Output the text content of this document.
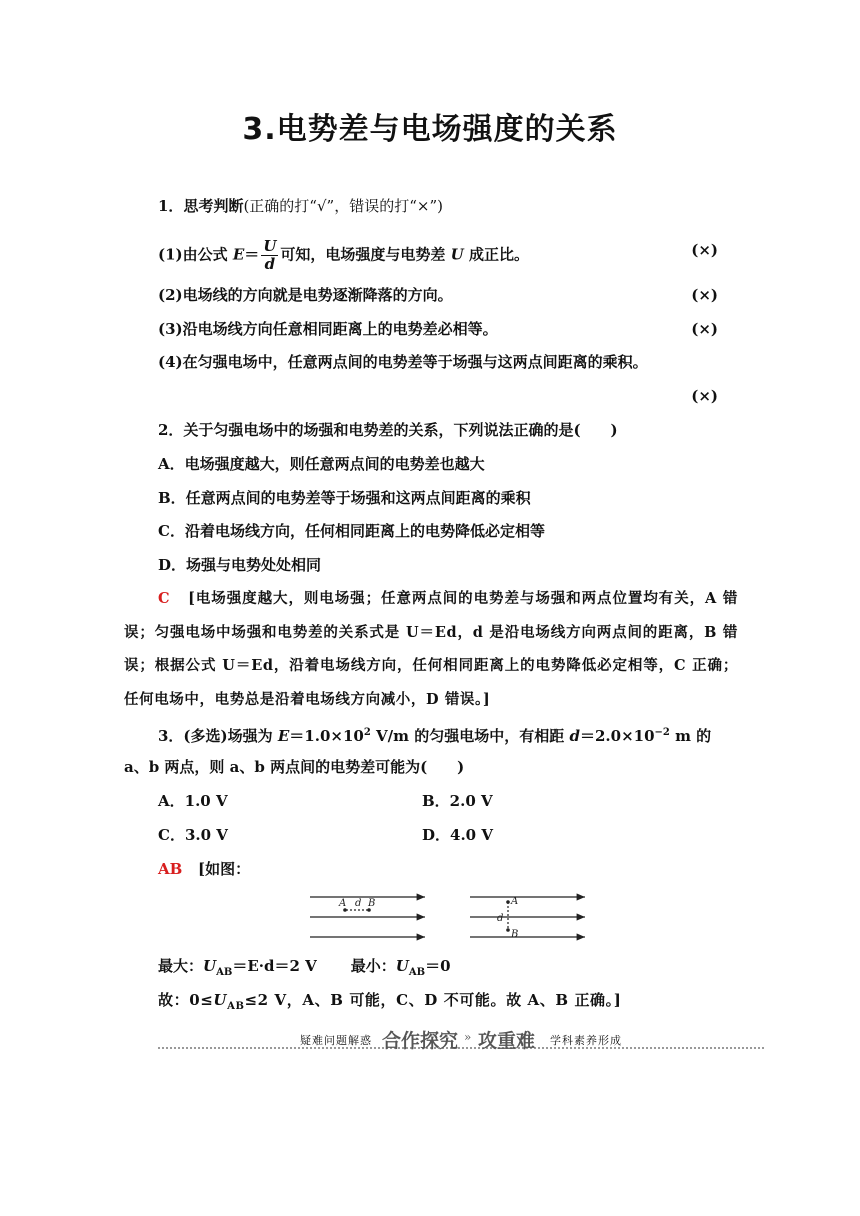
3.电势差与电场强度的关系
1．思考判断(正确的打“√”，错误的打“×”)
(1)由公式 $E= \frac{U}{d}$ 可知，电场强度与电势差 U 成正比。	(×)
(2)电场线的方向就是电势逐渐降落的方向。	(×)
(3)沿电场线方向任意相同距离上的电势差必相等。	(×)
(4)在匀强电场中，任意两点间的电势差等于场强与这两点间距离的乘积。
(×)
2．关于匀强电场中的场强和电势差的关系，下列说法正确的是(　　)
A．电场强度越大，则任意两点间的电势差也越大
B．任意两点间的电势差等于场强和这两点间距离的乘积
C．沿着电场线方向，任何相同距离上的电势降低必定相等
D．场强与电势处处相同
C [电场强度越大，则电场强；任意两点间的电势差与场强和两点位置均有关，A 错误；匀强电场中场强和电势差的关系式是 U＝Ed，d 是沿电场线方向两点间的距离，B 错误；根据公式 U＝Ed，沿着电场线方向，任何相同距离上的电势降低必定相等，C 正确；任何电场中，电势总是沿着电场线方向减小，D 错误。]
3．(多选)场强为 $E=1.0\times 10^2$ V/m 的匀强电场中，有相距 $d=2.0\times 10^{-2}$ m 的
a、b 两点，则 a、b 两点间的电势差可能为(　　)
A．1.0 V	B．2.0 V
C．3.0 V	D．4.0 V
AB [如图：
A d B	A
d
B
最大：$U_{AB}=E\cdot d=2$ V 最小：$U_{AB}=0$
故：$0\le U_{AB}\le 2$ V，A、B 可能，C、D 不可能。故 A、B 正确。]
疑难问题解惑 合作探究 » 攻重难 学科素养形成
